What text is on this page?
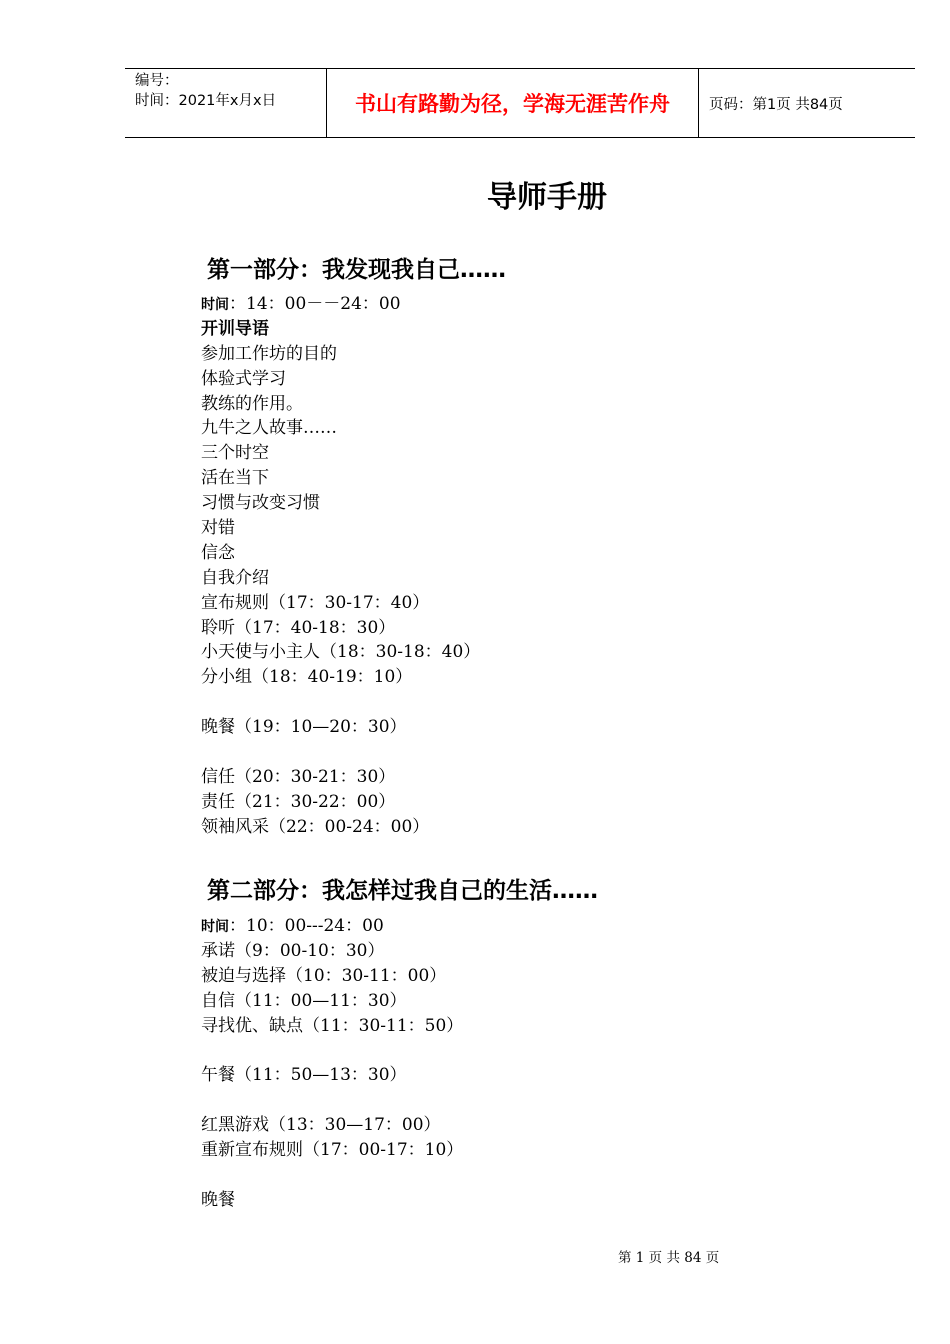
编号：
时间：2021年x月x日	书山有路勤为径，学海无涯苦作舟	页码：第1页 共84页
导师手册
第一部分：我发现我自己……
时间：14：00－－24：00
开训导语
参加工作坊的目的
体验式学习
教练的作用。
九牛之人故事……
三个时空
活在当下
习惯与改变习惯
对错
信念
自我介绍
宣布规则（17：30-17：40）
聆听（17：40-18：30）
小天使与小主人（18：30-18：40）
分小组（18：40-19：10）
晚餐（19：10—20：30）
信任（20：30-21：30）
责任（21：30-22：00）
领袖风采（22：00-24：00）
第二部分：我怎样过我自己的生活……
时间：10：00---24：00
承诺（9：00-10：30）
被迫与选择（10：30-11：00）
自信（11：00—11：30）
寻找优、缺点（11：30-11：50）
午餐（11：50—13：30）
红黑游戏（13：30—17：00）
重新宣布规则（17：00-17：10）
晚餐
第 1 页 共 84 页
